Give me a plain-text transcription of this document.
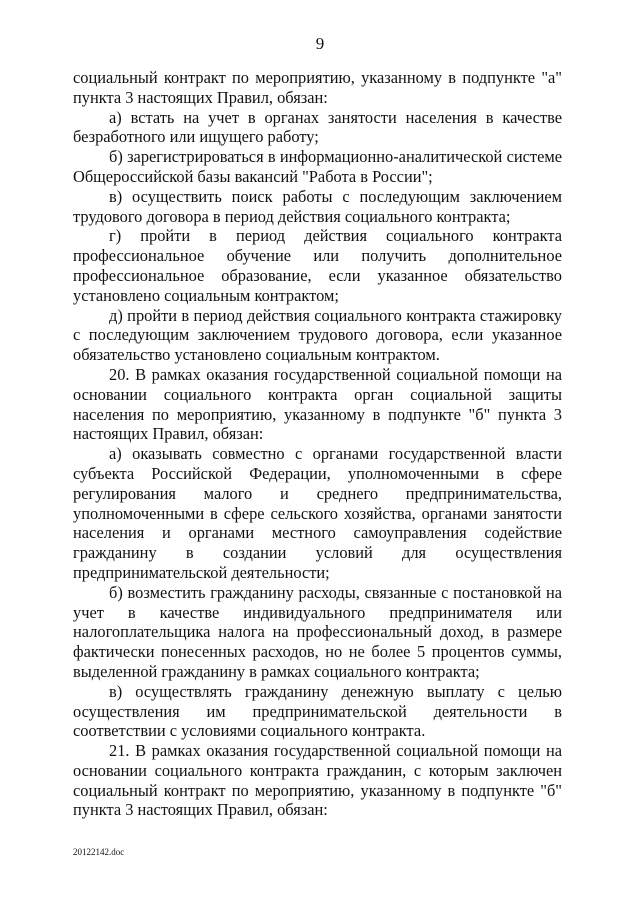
9

социальный контракт по мероприятию, указанному в подпункте "а" пункта 3 настоящих Правил, обязан:

а) встать на учет в органах занятости населения в качестве безработного или ищущего работу;

б) зарегистрироваться в информационно-аналитической системе Общероссийской базы вакансий "Работа в России";

в) осуществить поиск работы с последующим заключением трудового договора в период действия социального контракта;

г) пройти в период действия социального контракта профессиональное обучение или получить дополнительное профессиональное образование, если указанное обязательство установлено социальным контрактом;

д) пройти в период действия социального контракта стажировку с последующим заключением трудового договора, если указанное обязательство установлено социальным контрактом.

20. В рамках оказания государственной социальной помощи на основании социального контракта орган социальной защиты населения по мероприятию, указанному в подпункте "б" пункта 3 настоящих Правил, обязан:

а) оказывать совместно с органами государственной власти субъекта Российской Федерации, уполномоченными в сфере регулирования малого и среднего предпринимательства, уполномоченными в сфере сельского хозяйства, органами занятости населения и органами местного самоуправления содействие гражданину в создании условий для осуществления предпринимательской деятельности;

б) возместить гражданину расходы, связанные с постановкой на учет в качестве индивидуального предпринимателя или налогоплательщика налога на профессиональный доход, в размере фактически понесенных расходов, но не более 5 процентов суммы, выделенной гражданину в рамках социального контракта;

в) осуществлять гражданину денежную выплату с целью осуществления им предпринимательской деятельности в соответствии с условиями социального контракта.

21. В рамках оказания государственной социальной помощи на основании социального контракта гражданин, с которым заключен социальный контракт по мероприятию, указанному в подпункте "б" пункта 3 настоящих Правил, обязан:

20122142.doc
